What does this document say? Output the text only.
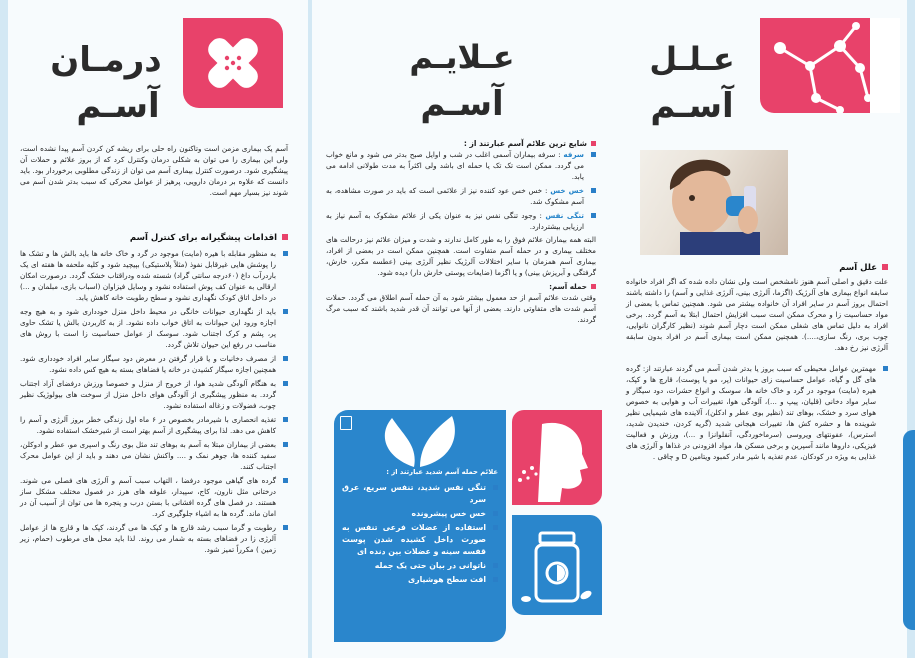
درمـان
آسـم
آسم یک بیماری مزمن است وتاکنون راه حلی برای ریشه کن کردن آسم پیدا نشده است، ولی این بیماری را می توان به شکلی درمان وکنترل کرد که از بروز علائم و حملات آن پیشگیری شود. درصورت کنترل بیماری آسم می توان از زندگی مطلوبی برخوردار بود. باید دانست که علاوه بر درمان دارویی، پرهیز از عوامل محرکی که سبب بدتر شدن آسم می شوند نیز بسیار مهم است.
اقدامات پیشگیرانه برای کنترل آسم
به منظور مقابله با هیره (مایت) موجود در گرد و خاک خانه ها باید بالش ها و تشک ها را پوشش هایی غیرقابل نفوذ (مثلاً پلاستیکی) بپیچید شود و کلیه ملحفه ها هفته ای یک باردرآب داغ (۶۰درجه سانتی گراد) شسته شده ودراقتاب خشک گردد. درصورت امکان ارقالی به عنوان کف پوش استفاده نشود و وسایل فیزاوان (اسباب بازی، مبلمان و ...) در داخل اتاق کودک نگهداری نشود و سطح رطوبت خانه کاهش یابد.
باید از نگهداری حیوانات خانگی در محیط داخل منزل خودداری شود و به هیچ وجه اجازه ورود این حیوانات به اتاق خواب داده نشود. از به کاربردن بالش یا تشک حاوی پر، پشم و کرک اجتناب شود. سوسک از عوامل حساسیت زا است با روش های مناسب در رفع این حیوان تلاش گردد.
از مصرف دخانیات و یا قرار گرفتن در معرض دود سیگار سایر افراد خودداری شود. همچنین اجازه سیگار کشیدن در خانه یا فضاهای بسته به هیچ کس داده نشود.
به هنگام آلودگی شدید هوا، از خروج از منزل و خصوصا ورزش درفضای آزاد اجتناب گردد. به منظور پیشگیری از آلودگی هوای داخل منزل از سوخت های بیولوژیک نظیر چوب، فضولات و زغاله استفاده نشود.
تغذیه انحصاری با شیرمادر بخصوص در ۶ ماه اول زندگی خطر بروز آلرژی و آسم را کاهش می دهد. لذا برای پیشگیری از آسم بهتر است از شیرخشک استفاده نشود.
بعضی از بیماران مبتلا به آسم به بوهای تند مثل بوی رنگ و اسپری مو، عطر و ادوکلن، سفید کننده ها، جوهر نمک و .... واکنش نشان می دهند و باید از این عوامل محرک اجتناب کنند.
گرده های گیاهی موجود درفضا ، التهاب سبب آسم و آلرژی های فصلی می شوند. درختانی مثل نارون، کاج، سپیدار، علوفه های هرز در فصول مختلف مشکل ساز هستند. در فصل های گرده افشانی با بستن درب و پنجره ها می توان از آسیب آن در امان ماند. گرده ها به اشیاء جلوگیری کرد.
رطوبت و گرما سبب رشد قارچ ها و کپک ها می گردند، کپک ها و قارچ ها از عوامل آلرژی زا در فضاهای بسته به شمار می روند. لذا باید محل های مرطوب (حمام، زیر زمین ) مکرراً تمیز شود.
عـلایـم
آسـم
شایع ترین علائم آسم عبارتند از :
سرفه : سرفه بیماران آسمی اغلب در شب و اوایل صبح بدتر می شود و مانع خواب می گردد. ممکن است تک تک یا حمله ای باشد ولی اکثراً به مدت طولانی ادامه می یابد.
خس خس : خس خس عود کننده نیز از علائمی است که باید در صورت مشاهده، به آسم مشکوک شد.
تنگی نفس : وجود تنگی نفس نیز به عنوان یکی از علائم مشکوک به آسم نیاز به ارزیابی بیشتردارد.
البته همه بیماران علائم فوق را به طور کامل ندارند و شدت و میزان علائم نیز درحالت های مختلف بیماری و در حمله آسم متفاوت است. همچنین ممکن است در بعضی از افراد، بیماری آسم همزمان با سایر اختلالات آلرژیک نظیر آلرژی بینی (عطسه مکرر، خارش، گرفتگی و آبریزش بینی) و یا اگزما (ضایعات پوستی خارش دار) دیده شود.
حمله آسم:
وقتی شدت علائم آسم از حد معمول بیشتر شود به آن حمله آسم اطلاق می گردد. حملات آسم شدت های متفاوتی دارند. بعضی از آنها می توانند آن قدر شدید باشند که سبب مرگ گردند.
علائم حمله آسم شدید عبارتند از :
تنگی نفس شدید، تنفس سریع، عرق سرد
خس خس پیشرونده
استفاده از عضلات فرعی تنفس به صورت داخل کشیده شدن پوست قفسه سینه و عضلات بین دنده ای
ناتوانی در بیان حتی یک جمله
افت سطح هوشیاری
عـلـل
آسـم
علل آسم
علت دقیق و اصلی آسم هنوز نامشخص است ولی نشان داده شده که اگر افراد خانواده سابقه انواع بیماری های آلرژیک (اگزما، آلرژی بینی، آلرژی غذایی و آسم) را داشته باشند احتمال بروز آسم در سایر افراد آن خانواده بیشتر می شود. همچنین تماس با بعضی از مواد حساسیت زا و محرک ممکن است سبب افزایش احتمال ابتلا به آسم گردد. برخی افراد به دلیل تماس های شغلی ممکن است دچار آسم شوند (نظیر کارگران نانوایی، چوب بری، رنگ سازی،....). همچنین ممکن است بیماری آسم در افراد بدون سابقه آلرژی نیز رخ دهد.
مهمترین عوامل محیطی که سبب بروز یا بدتر شدن آسم می گردند عبارتند از: گرده های گل و گیاه، عوامل حساسیت زای حیوانات (پر، مو یا پوست)، قارچ ها و کپک، هیره (مایت) موجود در گرد و خاک خانه ها، سوسک و انواع حشرات، دود سیگار و سایر مواد دخانی (قلیان، پیپ و ...)، آلودگی هوا، تغییرات آب و هوایی به خصوص هوای سرد و خشک، بوهای تند (نظیر بوی عطر و ادکلن)، آلاینده های شیمیایی نظیر شوینده ها و حشره کش ها، تغییرات هیجانی شدید (گریه کردن، خندیدن شدید، استرس)، عفونتهای ویروسی (سرماخوردگی، آنفلوانزا و ...)، ورزش و فعالیت فیزیکی، داروها مانند آسپرین و برخی مسکن ها، مواد افزودنی در غذاها و آلرژی های غذایی به ویژه در کودکان، عدم تغذیه با شیر مادر کمبود ویتامین D و چاقی .
